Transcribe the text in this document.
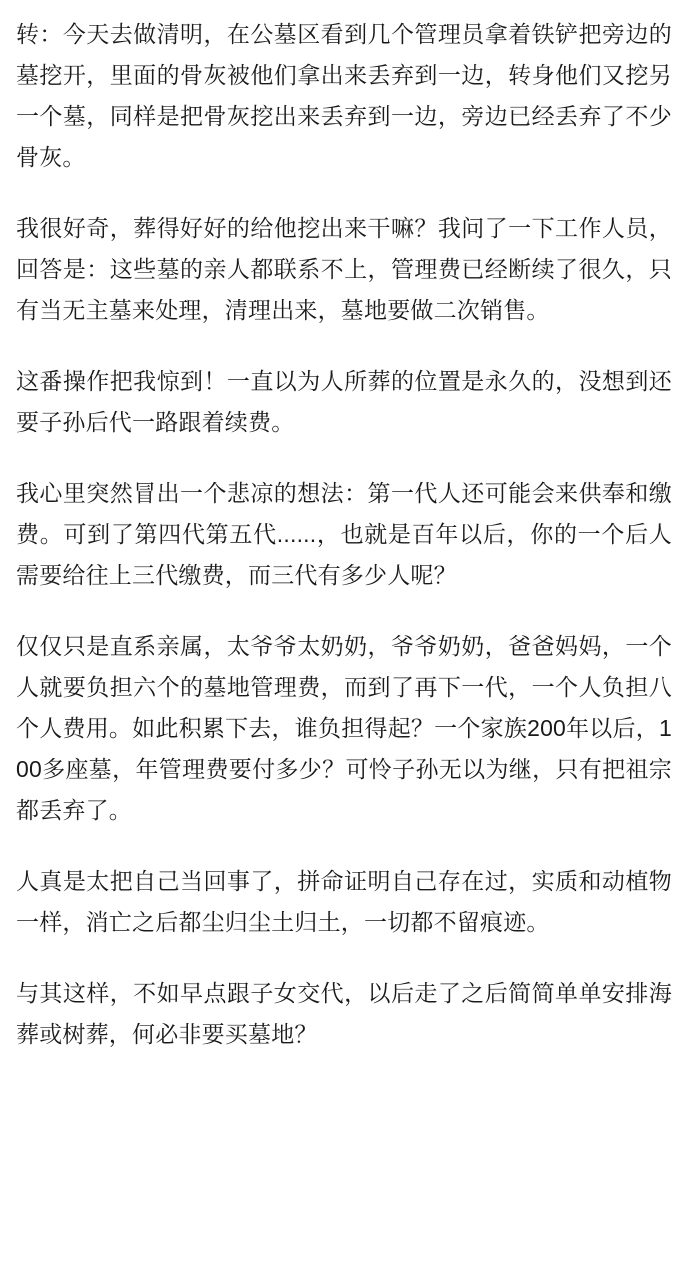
转：今天去做清明，在公墓区看到几个管理员拿着铁铲把旁边的墓挖开，里面的骨灰被他们拿出来丢弃到一边，转身他们又挖另一个墓，同样是把骨灰挖出来丢弃到一边，旁边已经丢弃了不少骨灰。

我很好奇，葬得好好的给他挖出来干嘛？我问了一下工作人员，回答是：这些墓的亲人都联系不上，管理费已经断续了很久，只有当无主墓来处理，清理出来，墓地要做二次销售。

这番操作把我惊到！一直以为人所葬的位置是永久的，没想到还要子孙后代一路跟着续费。

我心里突然冒出一个悲凉的想法：第一代人还可能会来供奉和缴费。可到了第四代第五代......，也就是百年以后，你的一个后人需要给往上三代缴费，而三代有多少人呢？

仅仅只是直系亲属，太爷爷太奶奶，爷爷奶奶，爸爸妈妈，一个人就要负担六个的墓地管理费，而到了再下一代，一个人负担八个人费用。如此积累下去，谁负担得起？一个家族200年以后，100多座墓，年管理费要付多少？可怜子孙无以为继，只有把祖宗都丢弃了。

人真是太把自己当回事了，拼命证明自己存在过，实质和动植物一样，消亡之后都尘归尘土归土，一切都不留痕迹。

与其这样，不如早点跟子女交代，以后走了之后简简单单安排海葬或树葬，何必非要买墓地？
